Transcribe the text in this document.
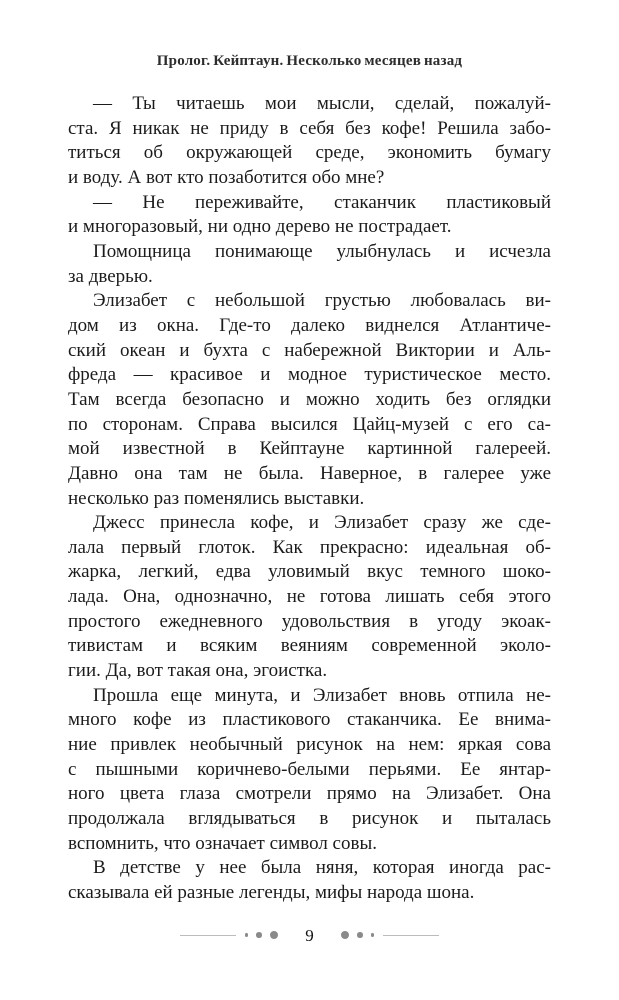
Пролог. Кейптаун. Несколько месяцев назад
— Ты читаешь мои мысли, сделай, пожалуй-
ста. Я никак не приду в себя без кофе! Решила забо-
титься об окружающей среде, экономить бумагу
и воду. А вот кто позаботится обо мне?
— Не переживайте, стаканчик пластиковый
и многоразовый, ни одно дерево не пострадает.
Помощница понимающе улыбнулась и исчезла
за дверью.
Элизабет с небольшой грустью любовалась ви-
дом из окна. Где-то далеко виднелся Атлантиче-
ский океан и бухта с набережной Виктории и Аль-
фреда — красивое и модное туристическое место.
Там всегда безопасно и можно ходить без оглядки
по сторонам. Справа высился Цайц-музей с его са-
мой известной в Кейптауне картинной галереей.
Давно она там не была. Наверное, в галерее уже
несколько раз поменялись выставки.
Джесс принесла кофе, и Элизабет сразу же сде-
лала первый глоток. Как прекрасно: идеальная об-
жарка, легкий, едва уловимый вкус темного шоко-
лада. Она, однозначно, не готова лишать себя этого
простого ежедневного удовольствия в угоду экоак-
тивистам и всяким веяниям современной эколо-
гии. Да, вот такая она, эгоистка.
Прошла еще минута, и Элизабет вновь отпила не-
много кофе из пластикового стаканчика. Ее внима-
ние привлек необычный рисунок на нем: яркая сова
с пышными коричнево-белыми перьями. Ее янтар-
ного цвета глаза смотрели прямо на Элизабет. Она
продолжала вглядываться в рисунок и пыталась
вспомнить, что означает символ совы.
В детстве у нее была няня, которая иногда рас-
сказывала ей разные легенды, мифы народа шона.
9
